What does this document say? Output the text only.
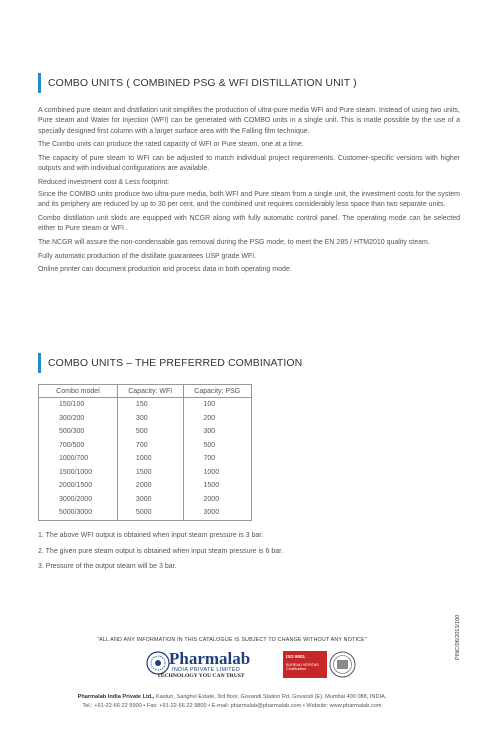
COMBO UNITS ( COMBINED PSG & WFI DISTILLATION UNIT )

A combined pure steam and distillation unit simplifies the production of ultra-pure media WFI and Pure steam. Instead of using two units, Pure steam and Water for Injection (WFI) can be generated with COMBO units in a single unit. This is made possible by the use of a specially designed first column with a larger surface area with the Falling film technique.

The Combo units can produce the rated capacity of WFI or Pure steam, one at a time.

The capacity of pure steam to WFI can be adjusted to match individual project requirements. Customer-specific versions with higher outputs and with individual configurations are available.

Reduced investment cost & Less footprint:

Since the COMBO units produce two ultra-pure media, both WFI and Pure steam from a single unit, the investment costs for the system and its periphery are reduced by up to 30 per cent, and the combined unit requires considerably less space than two separate units.

Combo distillation unit skids are equipped with NCGR along with fully automatic control panel. The operating mode can be selected either to Pure steam or WFI .

The NCGR will assure the non-condensable gas removal during the PSG mode, to meet the EN 285 / HTM2010 quality steam.

Fully automatic production of the distillate guarantees USP grade WFI.

Online printer can document production and process data in both operating mode.

COMBO UNITS – THE PREFERRED COMBINATION
Combo model	Capacity: WFI	Capacity: PSG
150/100	150	100
300/200	300	200
500/300	500	300
700/500	700	500
1000/700	1000	700
1500/1000	1500	1000
2000/1500	2000	1500
3000/2000	3000	2000
5000/3000	5000	3000
1. The above WFI output is obtained when input steam pressure is 3 bar.
2. The given pure steam output is obtained when input steam pressure is 6 bar.
3. Pressure of the output steam will be 3 bar.
"ALL AND ANY INFORMATION IN THIS CATALOGUE IS SUBJECT TO CHANGE WITHOUT ANY NOTICE"
Pharmalab
INDIA PRIVATE LIMITED
TECHNOLOGY YOU CAN TRUST
ISO 9001
BUREAU VERITAS
Certification
PINC/06/2013/100
Pharmalab India Private Ltd., Kasturi, Sanghvi Estate, 3rd floor, Govandi Station Rd, Govandi (E), Mumbai 400 088, INDIA.
Tel.: +91-22-66 22 9900 • Fax: +91-22-66 22 9800 • E-mail: pharmalab@pharmalab.com • Website: www.pharmalab.com
